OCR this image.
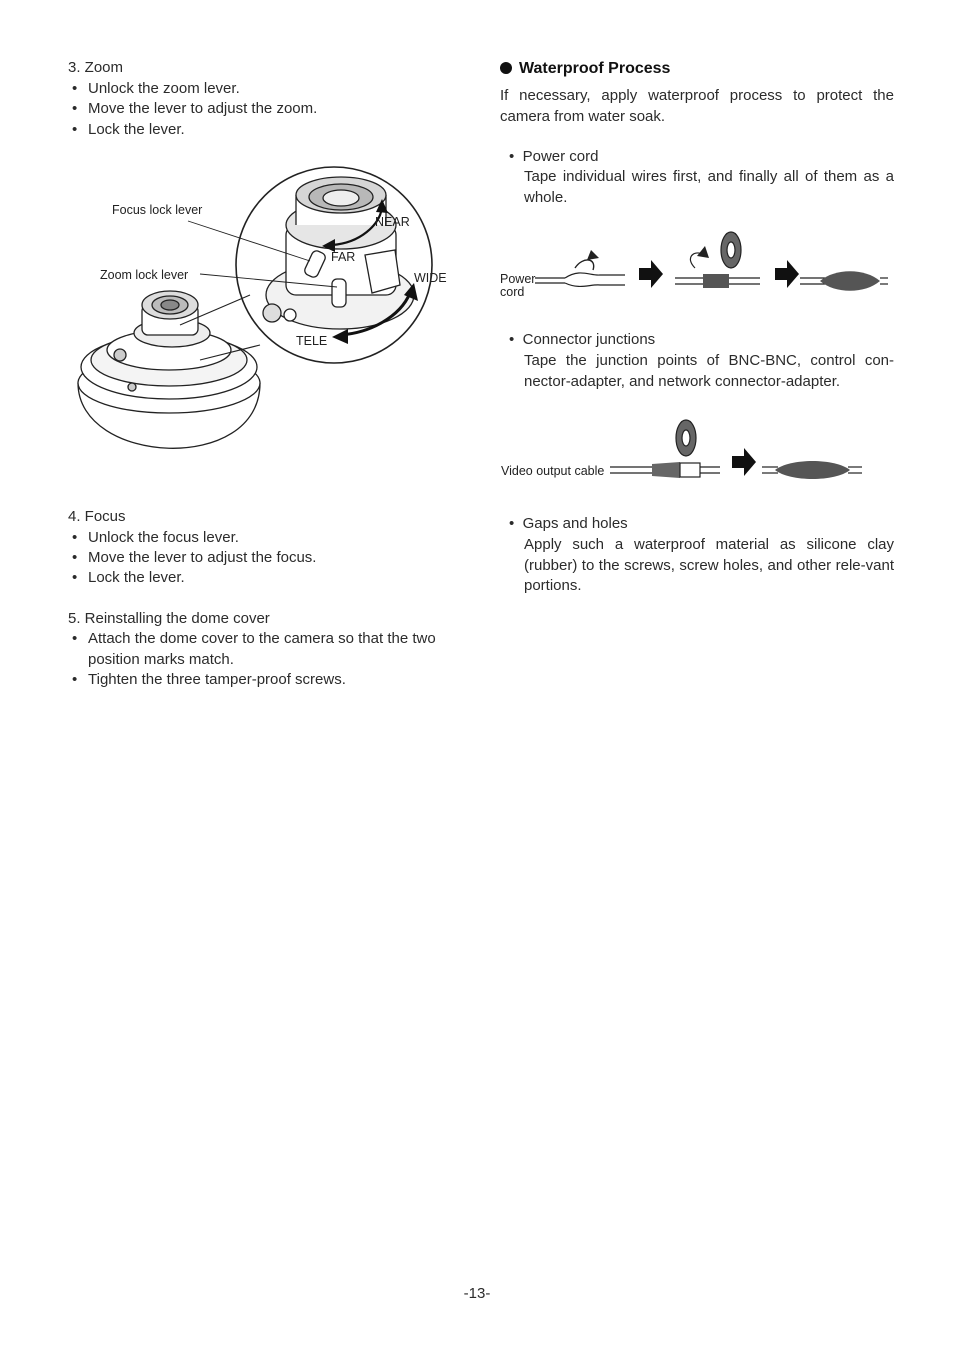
3. Zoom
• Unlock the zoom lever.
• Move the lever to adjust the zoom.
• Lock the lever.
Focus lock lever
Zoom lock lever
NEAR
FAR
WIDE
TELE
4. Focus
• Unlock the focus lever.
• Move the lever to adjust the focus.
• Lock the lever.
5. Reinstalling the dome cover
• Attach the dome cover to the camera so that the two position marks match.
• Tighten the three tamper-proof screws.
Waterproof Process
If necessary, apply waterproof process to protect the camera from water soak.
• Power cord
Tape individual wires first, and finally all of them as a whole.
Power
cord
• Connector junctions
Tape the junction points of BNC-BNC, control con-nector-adapter, and network connector-adapter.
Video output cable
• Gaps and holes
Apply such a waterproof material as silicone clay (rubber) to the screws, screw holes, and other rele-vant portions.
-13-
